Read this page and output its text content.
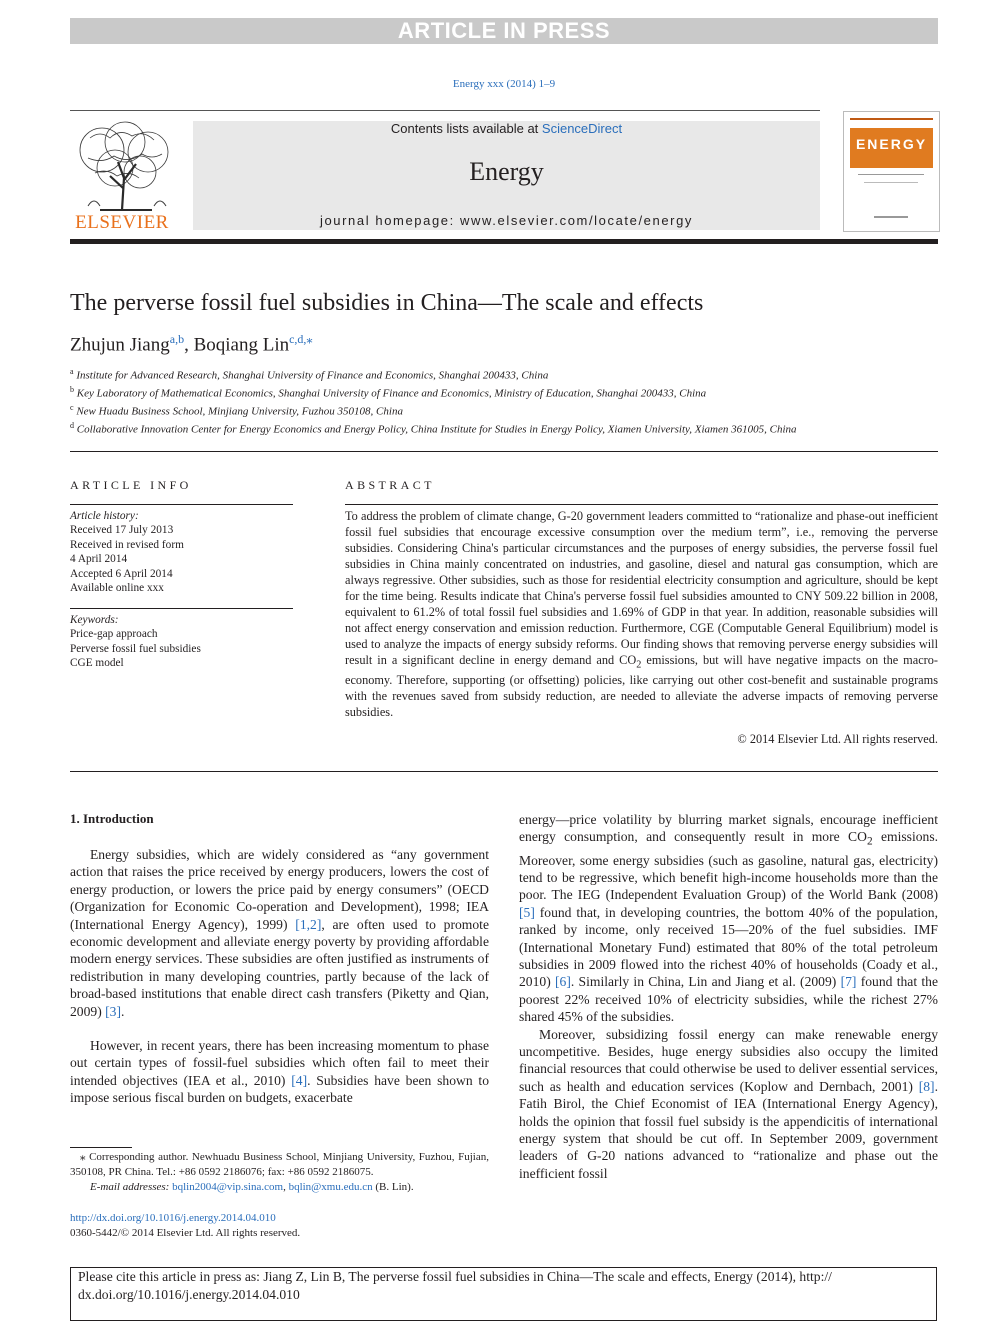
ARTICLE IN PRESS
Energy xxx (2014) 1–9
ELSEVIER
Contents lists available at ScienceDirect
Energy
journal homepage: www.elsevier.com/locate/energy
ENERGY
The perverse fossil fuel subsidies in China—The scale and effects
Zhujun Jiang$^{a,b}$, Boqiang Lin$^{c,d,⁎}$
$^a$ Institute for Advanced Research, Shanghai University of Finance and Economics, Shanghai 200433, China
$^b$ Key Laboratory of Mathematical Economics, Shanghai University of Finance and Economics, Ministry of Education, Shanghai 200433, China
$^c$ New Huadu Business School, Minjiang University, Fuzhou 350108, China
$^d$ Collaborative Innovation Center for Energy Economics and Energy Policy, China Institute for Studies in Energy Policy, Xiamen University, Xiamen 361005, China
ARTICLE INFO	ABSTRACT
Article history:
Received 17 July 2013
Received in revised form
4 April 2014
Accepted 6 April 2014
Available online xxx
Keywords:
Price-gap approach
Perverse fossil fuel subsidies
CGE model
To address the problem of climate change, G-20 government leaders committed to “rationalize and phase-out inefficient fossil fuel subsidies that encourage excessive consumption over the medium term”, i.e., removing the perverse subsidies. Considering China's particular circumstances and the purposes of energy subsidies, the perverse fossil fuel subsidies in China mainly concentrated on industries, and gasoline, diesel and natural gas consumption, which are always regressive. Other subsidies, such as those for residential electricity consumption and agriculture, should be kept for the time being. Results indicate that China's perverse fossil fuel subsidies amounted to CNY 509.22 billion in 2008, equivalent to 61.2% of total fossil fuel subsidies and 1.69% of GDP in that year. In addition, reasonable subsidies will not affect energy conservation and emission reduction. Furthermore, CGE (Computable General Equilibrium) model is used to analyze the impacts of energy subsidy reforms. Our finding shows that removing perverse energy subsidies will result in a significant decline in energy demand and $CO_2$ emissions, but will have negative impacts on the macro-economy. Therefore, supporting (or offsetting) policies, like carrying out other cost-benefit and sustainable programs with the revenues saved from subsidy reduction, are needed to alleviate the adverse impacts of removing perverse subsidies.
© 2014 Elsevier Ltd. All rights reserved.
1. Introduction

Energy subsidies, which are widely considered as “any government action that raises the price received by energy producers, lowers the cost of energy production, or lowers the price paid by energy consumers” (OECD (Organization for Economic Co-operation and Development), 1998; IEA (International Energy Agency), 1999) [1,2], are often used to promote economic development and alleviate energy poverty by providing affordable modern energy services. These subsidies are often justified as instruments of redistribution in many developing countries, partly because of the lack of broad-based institutions that enable direct cash transfers (Piketty and Qian, 2009) [3].

However, in recent years, there has been increasing momentum to phase out certain types of fossil-fuel subsidies which often fail to meet their intended objectives (IEA et al., 2010) [4]. Subsidies have been shown to impose serious fiscal burden on budgets, exacerbate

energy—price volatility by blurring market signals, encourage inefficient energy consumption, and consequently result in more $CO_2$ emissions. Moreover, some energy subsidies (such as gasoline, natural gas, electricity) tend to be regressive, which benefit high-income households more than the poor. The IEG (Independent Evaluation Group) of the World Bank (2008) [5] found that, in developing countries, the bottom 40% of the population, ranked by income, only received 15—20% of the fuel subsidies. IMF (International Monetary Fund) estimated that 80% of the total petroleum subsidies in 2009 flowed into the richest 40% of households (Coady et al., 2010) [6]. Similarly in China, Lin and Jiang et al. (2009) [7] found that the poorest 22% received 10% of electricity subsidies, while the richest 27% shared 45% of the subsidies.

Moreover, subsidizing fossil energy can make renewable energy uncompetitive. Besides, huge energy subsidies also occupy the limited financial resources that could otherwise be used to deliver essential services, such as health and education services (Koplow and Dernbach, 2001) [8]. Fatih Birol, the Chief Economist of IEA (International Energy Agency), holds the opinion that fossil fuel subsidy is the appendicitis of international energy system that should be cut off. In September 2009, government leaders of G-20 nations advanced to “rationalize and phase out the inefficient fossil

⁎ Corresponding author. Newhuadu Business School, Minjiang University, Fuzhou, Fujian, 350108, PR China. Tel.: +86 0592 2186076; fax: +86 0592 2186075.
E-mail addresses: bqlin2004@vip.sina.com, bqlin@xmu.edu.cn (B. Lin).
http://dx.doi.org/10.1016/j.energy.2014.04.010
0360-5442/© 2014 Elsevier Ltd. All rights reserved.
Please cite this article in press as: Jiang Z, Lin B, The perverse fossil fuel subsidies in China—The scale and effects, Energy (2014), http://
dx.doi.org/10.1016/j.energy.2014.04.010
